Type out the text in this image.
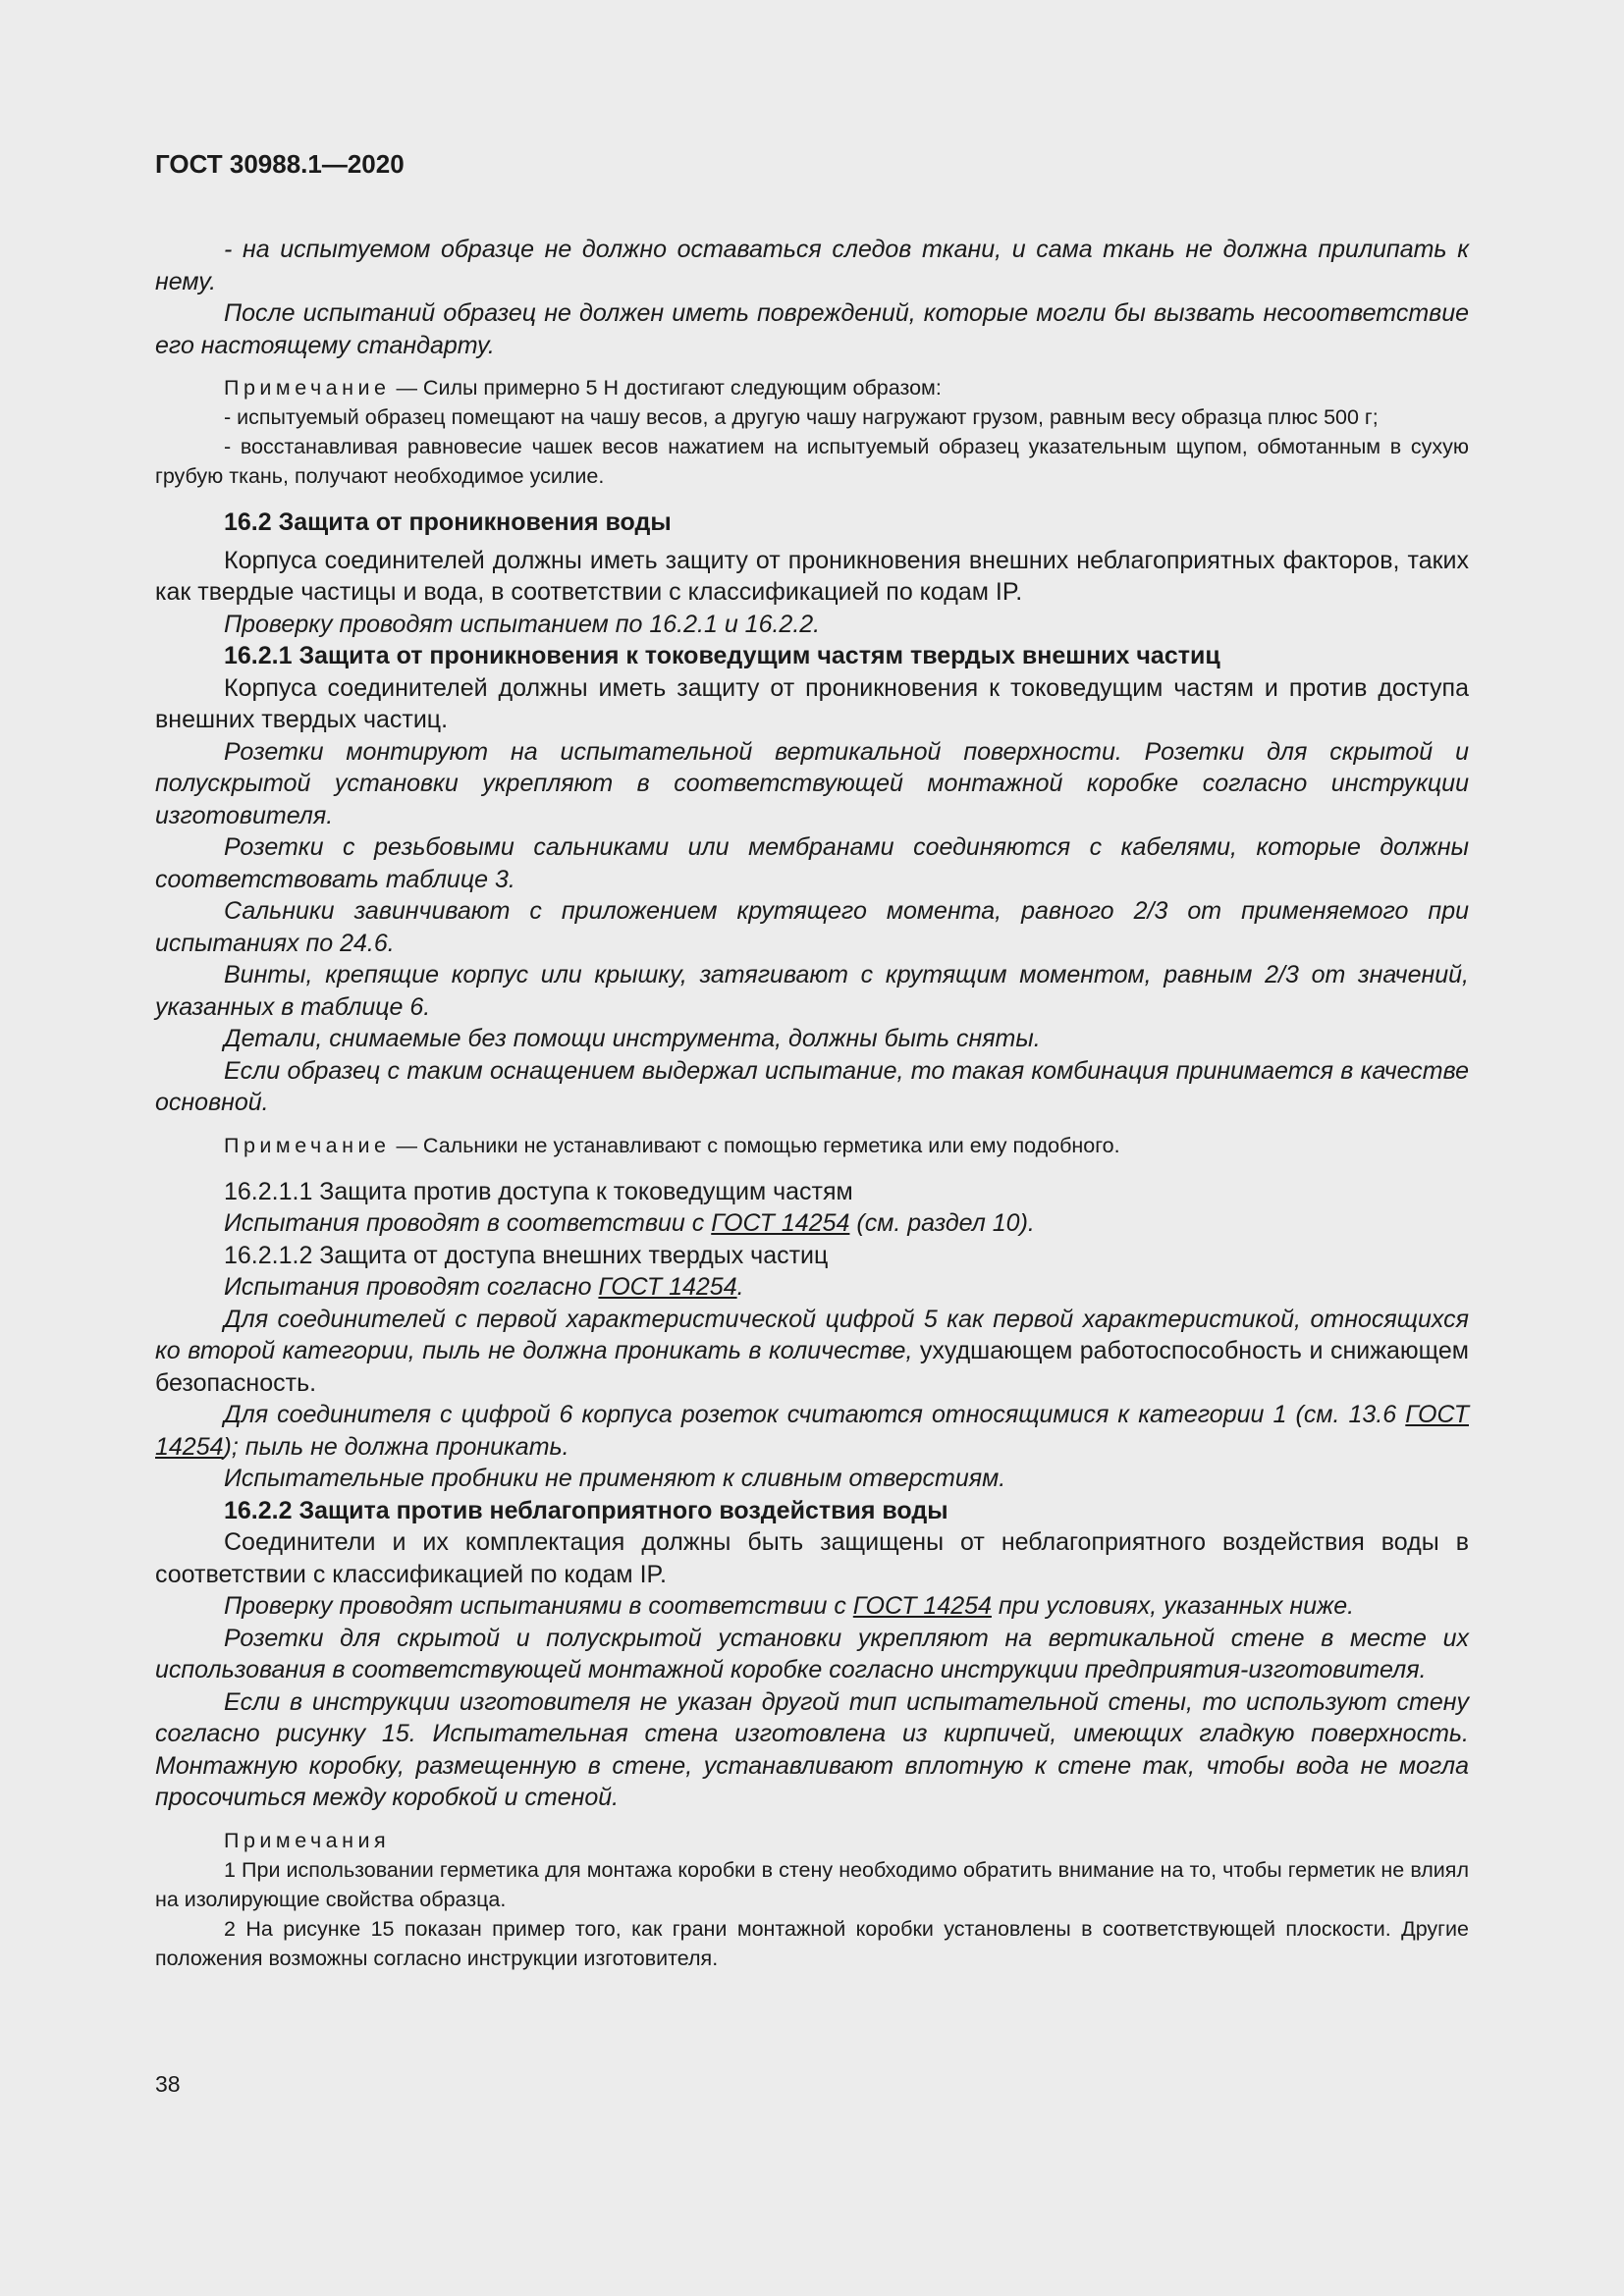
ГОСТ 30988.1—2020

- на испытуемом образце не должно оставаться следов ткани, и сама ткань не должна прилипать к нему.

После испытаний образец не должен иметь повреждений, которые могли бы вызвать несоответствие его настоящему стандарту.

Примечание — Силы примерно 5 Н достигают следующим образом:

- испытуемый образец помещают на чашу весов, а другую чашу нагружают грузом, равным весу образца плюс 500 г;

- восстанавливая равновесие чашек весов нажатием на испытуемый образец указательным щупом, обмотанным в сухую грубую ткань, получают необходимое усилие.

16.2 Защита от проникновения воды

Корпуса соединителей должны иметь защиту от проникновения внешних неблагоприятных факторов, таких как твердые частицы и вода, в соответствии с классификацией по кодам IP.

Проверку проводят испытанием по 16.2.1 и 16.2.2.

16.2.1 Защита от проникновения к токоведущим частям твердых внешних частиц

Корпуса соединителей должны иметь защиту от проникновения к токоведущим частям и против доступа внешних твердых частиц.

Розетки монтируют на испытательной вертикальной поверхности. Розетки для скрытой и полускрытой установки укрепляют в соответствующей монтажной коробке согласно инструкции изготовителя.

Розетки с резьбовыми сальниками или мембранами соединяются с кабелями, которые должны соответствовать таблице 3.

Сальники завинчивают с приложением крутящего момента, равного 2/3 от применяемого при испытаниях по 24.6.

Винты, крепящие корпус или крышку, затягивают с крутящим моментом, равным 2/3 от значений, указанных в таблице 6.

Детали, снимаемые без помощи инструмента, должны быть сняты.

Если образец с таким оснащением выдержал испытание, то такая комбинация принимается в качестве основной.

Примечание — Сальники не устанавливают с помощью герметика или ему подобного.

16.2.1.1 Защита против доступа к токоведущим частям

Испытания проводят в соответствии с ГОСТ 14254 (см. раздел 10).

16.2.1.2 Защита от доступа внешних твердых частиц

Испытания проводят согласно ГОСТ 14254.

Для соединителей с первой характеристической цифрой 5 как первой характеристикой, относящихся ко второй категории, пыль не должна проникать в количестве, ухудшающем работоспособность и снижающем безопасность.

Для соединителя с цифрой 6 корпуса розеток считаются относящимися к категории 1 (см. 13.6 ГОСТ 14254); пыль не должна проникать.

Испытательные пробники не применяют к сливным отверстиям.

16.2.2 Защита против неблагоприятного воздействия воды

Соединители и их комплектация должны быть защищены от неблагоприятного воздействия воды в соответствии с классификацией по кодам IP.

Проверку проводят испытаниями в соответствии с ГОСТ 14254 при условиях, указанных ниже.

Розетки для скрытой и полускрытой установки укрепляют на вертикальной стене в месте их использования в соответствующей монтажной коробке согласно инструкции предприятия-изготовителя.

Если в инструкции изготовителя не указан другой тип испытательной стены, то используют стену согласно рисунку 15. Испытательная стена изготовлена из кирпичей, имеющих гладкую поверхность. Монтажную коробку, размещенную в стене, устанавливают вплотную к стене так, чтобы вода не могла просочиться между коробкой и стеной.

Примечания

1 При использовании герметика для монтажа коробки в стену необходимо обратить внимание на то, чтобы герметик не влиял на изолирующие свойства образца.

2 На рисунке 15 показан пример того, как грани монтажной коробки установлены в соответствующей плоскости. Другие положения возможны согласно инструкции изготовителя.

38
